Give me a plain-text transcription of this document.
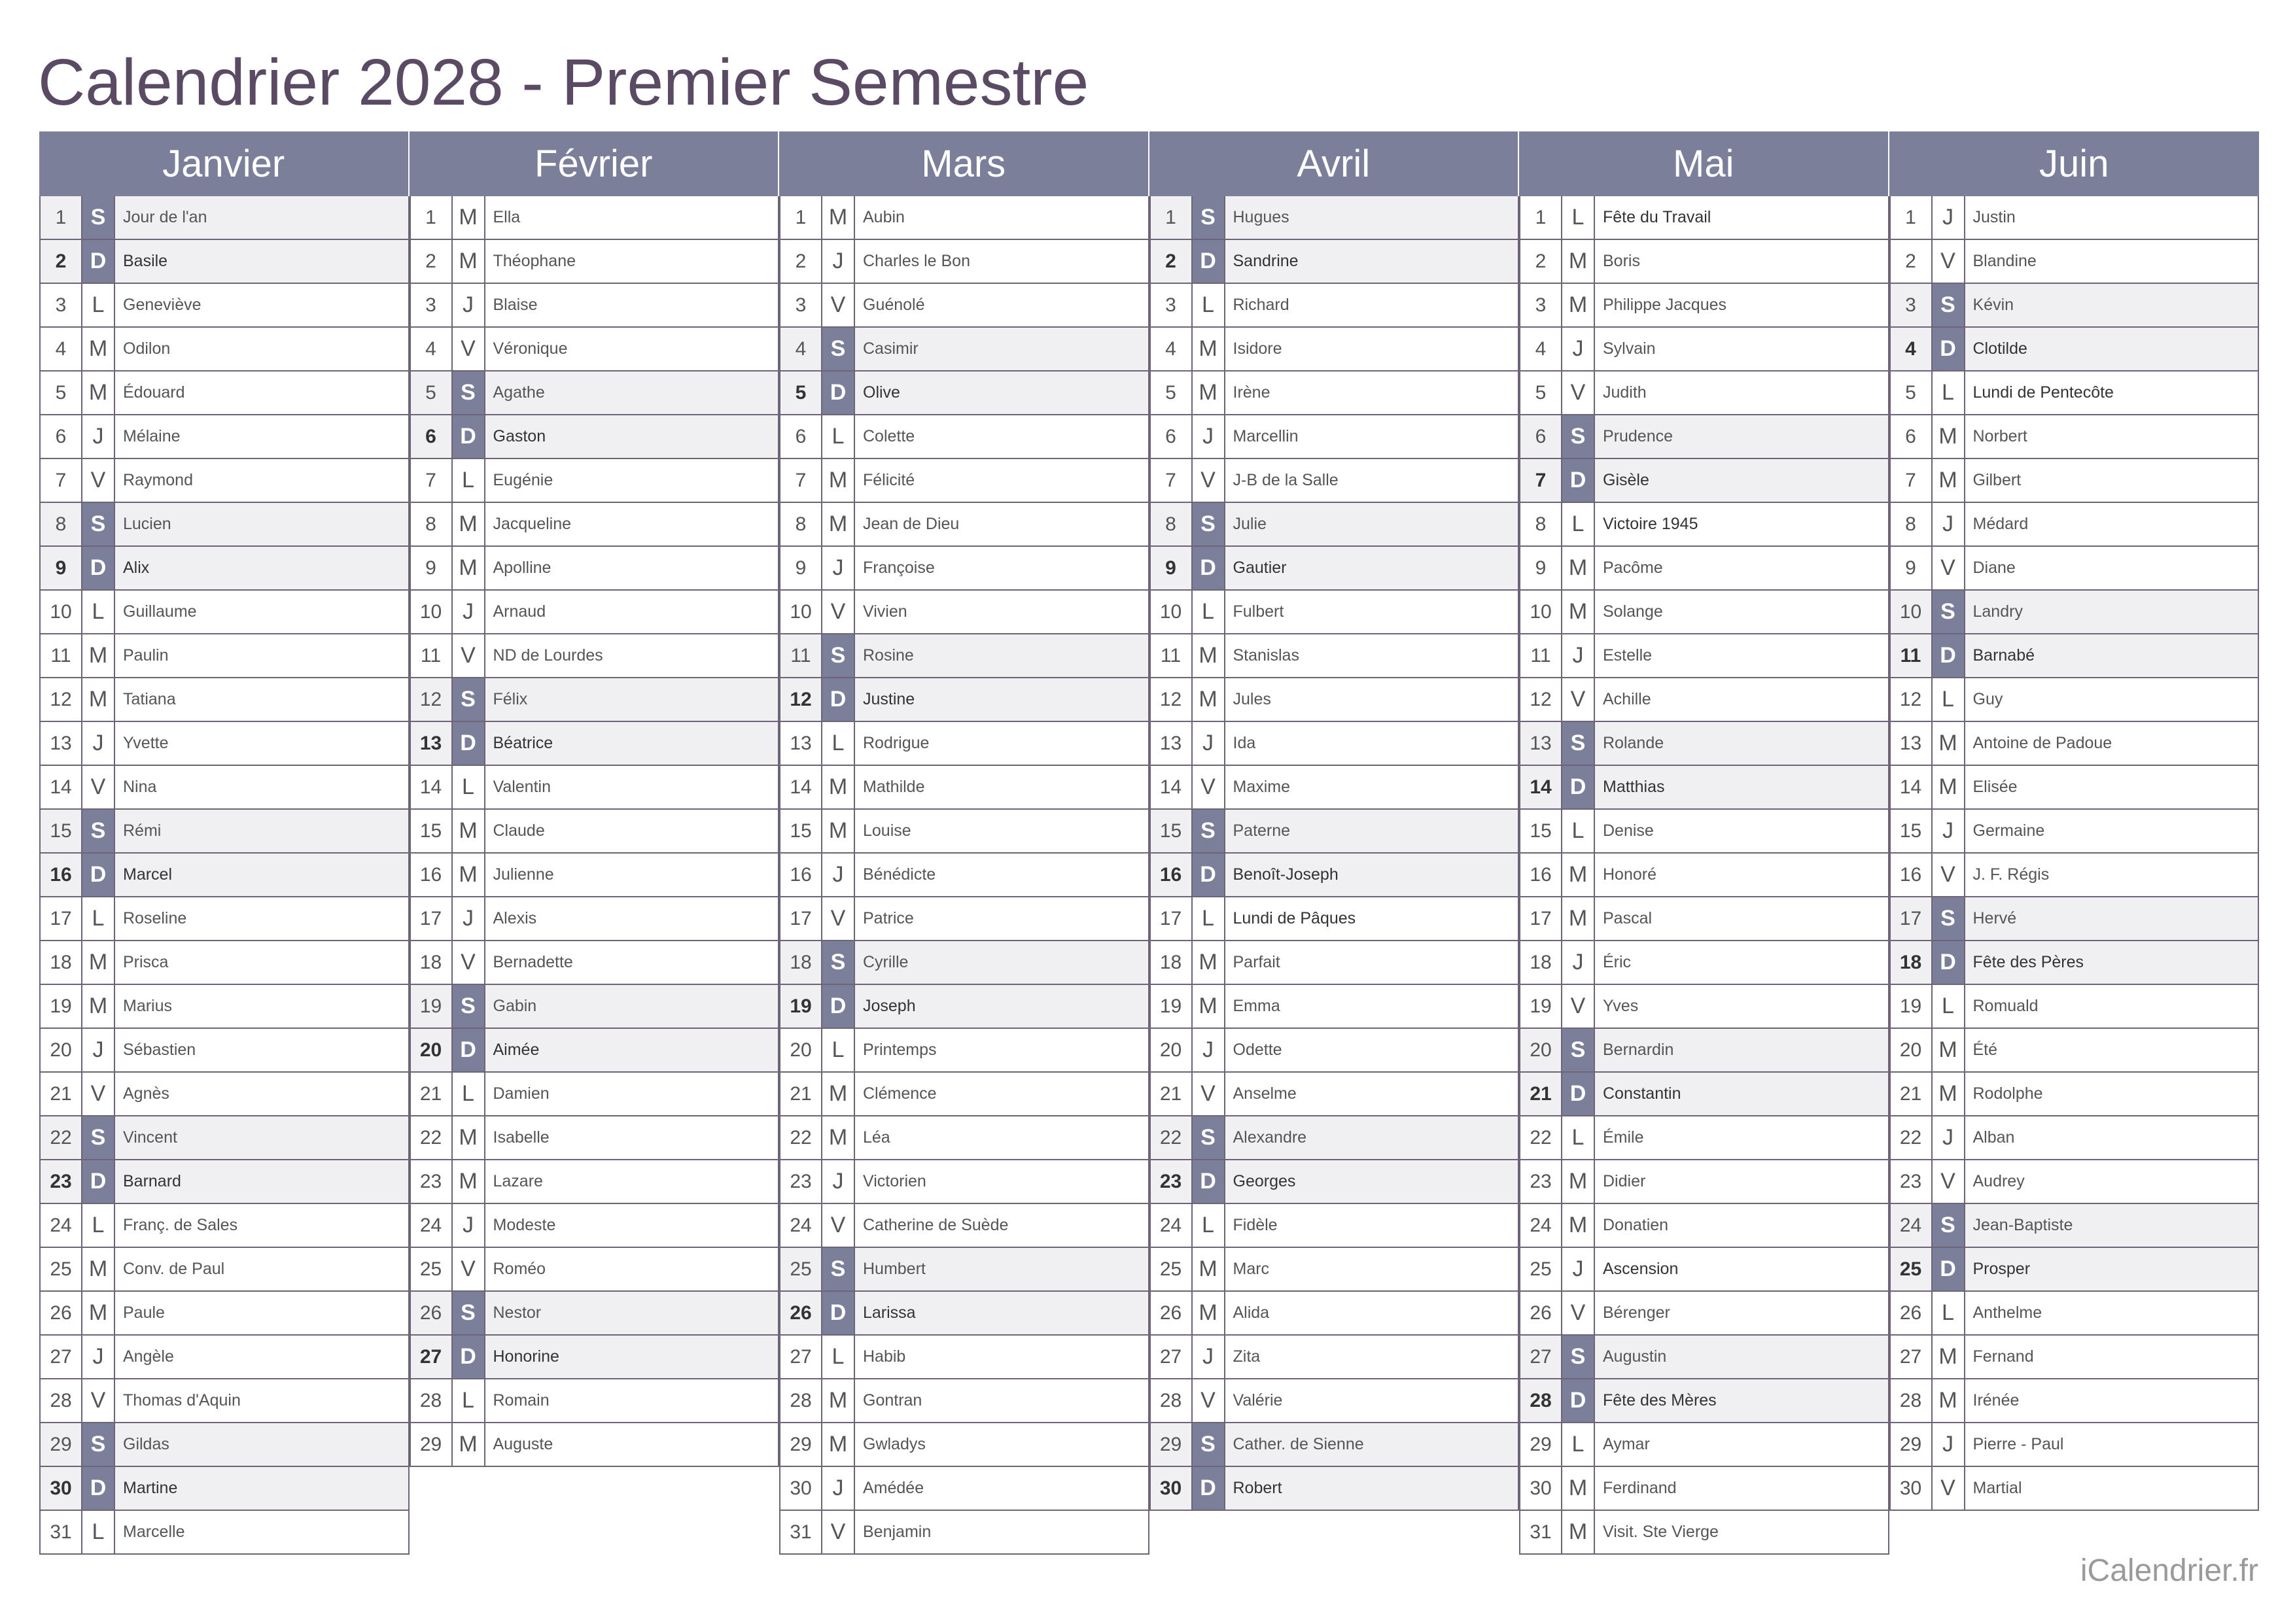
Calendrier 2028 - Premier Semestre
Janvier
1	S	Jour de l'an
2	D	Basile
3	L	Geneviève
4	M Odilon
5	M Édouard
6	J	Mélaine
7	V	Raymond
8	S	Lucien
9	D	Alix
10 L	Guillaume
11 M Paulin
12 M Tatiana
13 J	Yvette
14 V	Nina
15 S	Rémi
16 D	Marcel
17 L	Roseline
18 M Prisca
19 M Marius
20 J	Sébastien
21 V	Agnès
22 S	Vincent
23 D	Barnard
24 L	Franç. de Sales
25 M Conv. de Paul
26 M Paule
27 J	Angèle
28 V	Thomas d'Aquin
29 S	Gildas
30 D	Martine
31 L	Marcelle
Février
1	M Ella
2	M Théophane
3	J	Blaise
4	V	Véronique
5	S	Agathe
6	D	Gaston
7	L	Eugénie
8	M Jacqueline
9	M Apolline
10 J	Arnaud
11 V	ND de Lourdes
12 S	Félix
13 D	Béatrice
14 L	Valentin
15 M Claude
16 M Julienne
17 J	Alexis
18 V	Bernadette
19 S	Gabin
20 D	Aimée
21 L	Damien
22 M Isabelle
23 M Lazare
24 J	Modeste
25 V	Roméo
26 S	Nestor
27 D	Honorine
28 L	Romain
29 M Auguste
Mars
1	M Aubin
2	J	Charles le Bon
3	V	Guénolé
4	S	Casimir
5	D	Olive
6	L	Colette
7	M Félicité
8	M Jean de Dieu
9	J	Françoise
10 V	Vivien
11 S	Rosine
12 D	Justine
13 L	Rodrigue
14 M Mathilde
15 M Louise
16 J	Bénédicte
17 V	Patrice
18 S	Cyrille
19 D	Joseph
20 L	Printemps
21 M Clémence
22 M Léa
23 J	Victorien
24 V	Catherine de Suède
25 S	Humbert
26 D	Larissa
27 L	Habib
28 M Gontran
29 M Gwladys
30 J	Amédée
31 V	Benjamin
Avril
1	S	Hugues
2	D	Sandrine
3	L	Richard
4	M Isidore
5	M Irène
6	J	Marcellin
7	V	J-B de la Salle
8	S	Julie
9	D	Gautier
10 L	Fulbert
11 M Stanislas
12 M Jules
13 J	Ida
14 V	Maxime
15 S	Paterne
16 D	Benoît-Joseph
17 L	Lundi de Pâques
18 M Parfait
19 M Emma
20 J	Odette
21 V	Anselme
22 S	Alexandre
23 D	Georges
24 L	Fidèle
25 M Marc
26 M Alida
27 J	Zita
28 V	Valérie
29 S	Cather. de Sienne
30 D	Robert
Mai
1	L	Fête du Travail
2	M Boris
3	M Philippe Jacques
4	J	Sylvain
5	V	Judith
6	S	Prudence
7	D	Gisèle
8	L	Victoire 1945
9	M Pacôme
10 M Solange
11 J	Estelle
12 V	Achille
13 S	Rolande
14 D	Matthias
15 L	Denise
16 M Honoré
17 M Pascal
18 J	Éric
19 V	Yves
20 S	Bernardin
21 D	Constantin
22 L	Émile
23 M Didier
24 M Donatien
25 J	Ascension
26 V	Bérenger
27 S	Augustin
28 D	Fête des Mères
29 L	Aymar
30 M Ferdinand
31 M Visit. Ste Vierge
Juin
1	J	Justin
2	V	Blandine
3	S	Kévin
4	D	Clotilde
5	L	Lundi de Pentecôte
6	M Norbert
7	M Gilbert
8	J	Médard
9	V	Diane
10 S	Landry
11 D	Barnabé
12 L	Guy
13 M Antoine de Padoue
14 M Elisée
15 J	Germaine
16 V	J. F. Régis
17 S	Hervé
18 D	Fête des Pères
19 L	Romuald
20 M Été
21 M Rodolphe
22 J	Alban
23 V	Audrey
24 S	Jean-Baptiste
25 D	Prosper
26 L	Anthelme
27 M Fernand
28 M Irénée
29 J	Pierre - Paul
30 V	Martial
iCalendrier.fr
